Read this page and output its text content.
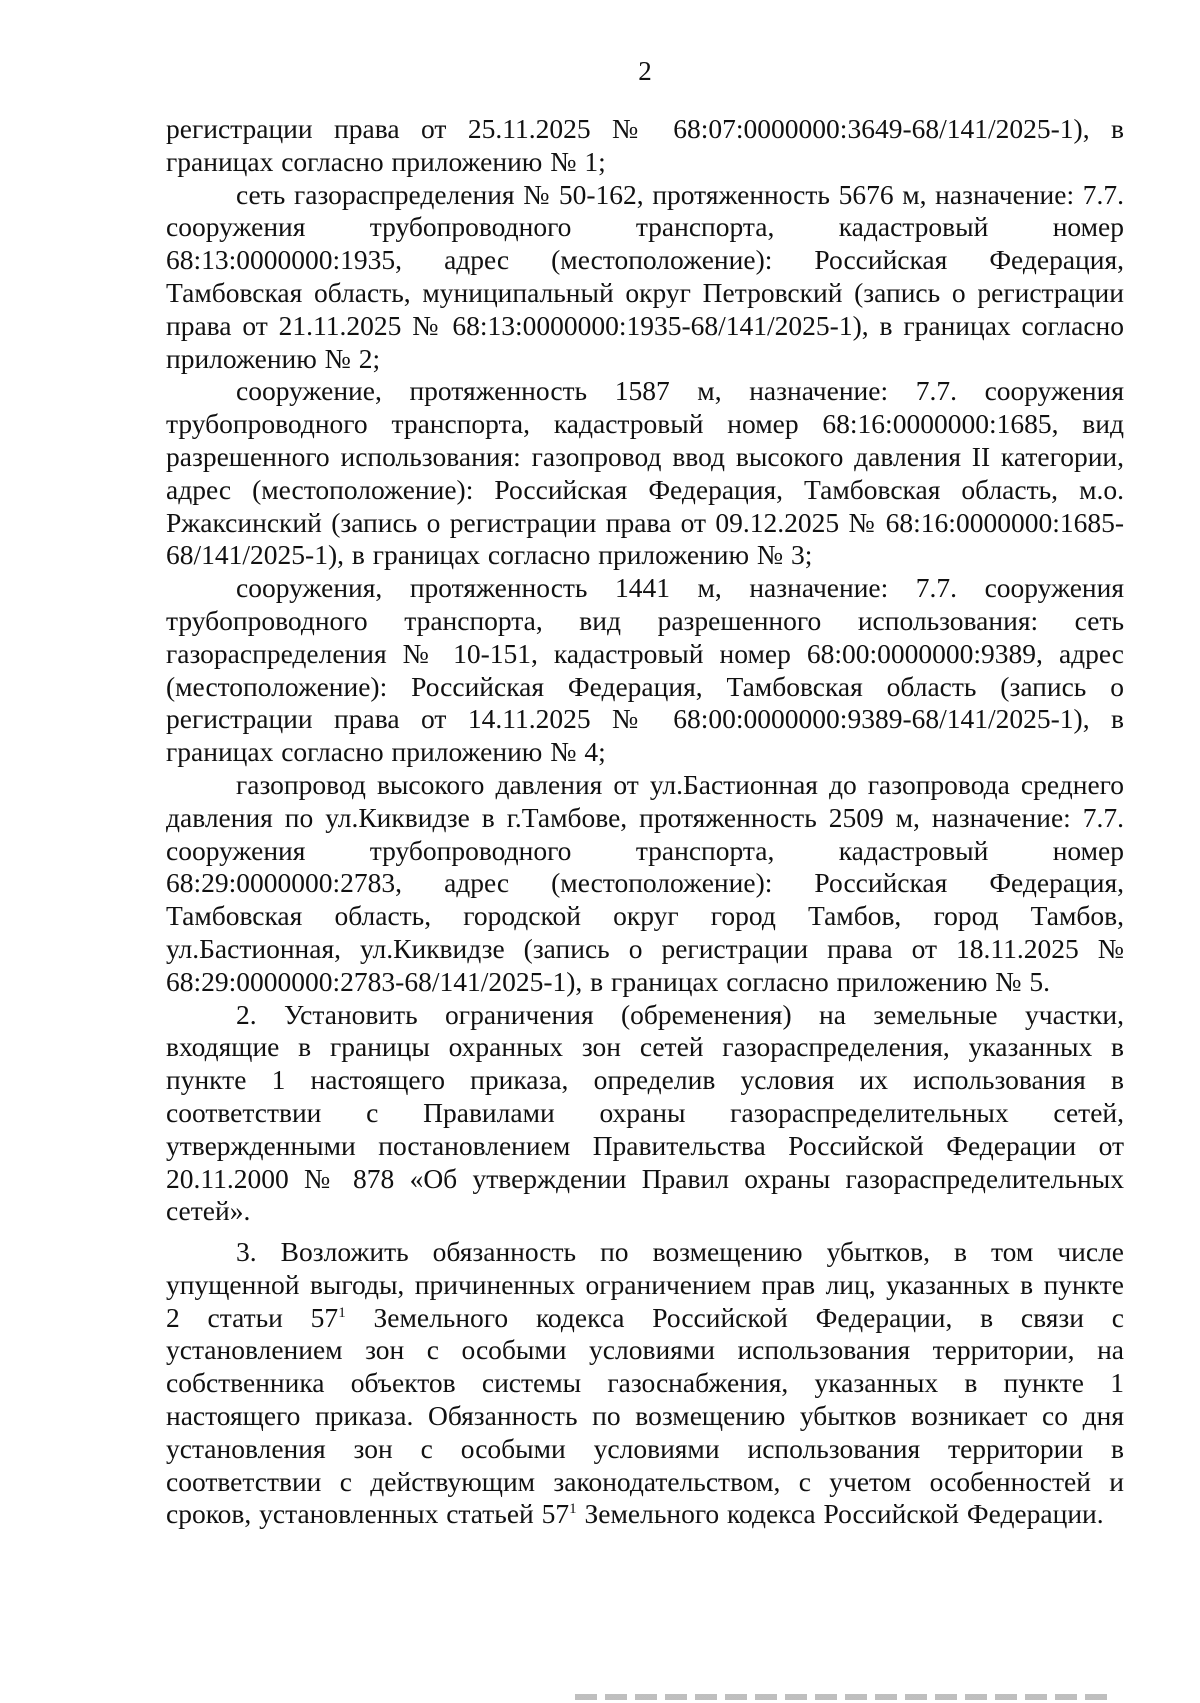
2

регистрации права от 25.11.2025 № 68:07:0000000:3649-68/141/2025-1), в границах согласно приложению № 1;

сеть газораспределения № 50-162, протяженность 5676 м, назначение: 7.7. сооружения трубопроводного транспорта, кадастровый номер 68:13:0000000:1935, адрес (местоположение): Российская Федерация, Тамбовская область, муниципальный округ Петровский (запись о регистрации права от 21.11.2025 № 68:13:0000000:1935-68/141/2025-1), в границах согласно приложению № 2;

сооружение, протяженность 1587 м, назначение: 7.7. сооружения трубопроводного транспорта, кадастровый номер 68:16:0000000:1685, вид разрешенного использования: газопровод ввод высокого давления II категории, адрес (местоположение): Российская Федерация, Тамбовская область, м.о. Ржаксинский (запись о регистрации права от 09.12.2025 № 68:16:0000000:1685-68/141/2025-1), в границах согласно приложению № 3;

сооружения, протяженность 1441 м, назначение: 7.7. сооружения трубопроводного транспорта, вид разрешенного использования: сеть газораспределения № 10-151, кадастровый номер 68:00:0000000:9389, адрес (местоположение): Российская Федерация, Тамбовская область (запись о регистрации права от 14.11.2025 № 68:00:0000000:9389-68/141/2025-1), в границах согласно приложению № 4;

газопровод высокого давления от ул.Бастионная до газопровода среднего давления по ул.Киквидзе в г.Тамбове, протяженность 2509 м, назначение: 7.7. сооружения трубопроводного транспорта, кадастровый номер 68:29:0000000:2783, адрес (местоположение): Российская Федерация, Тамбовская область, городской округ город Тамбов, город Тамбов, ул.Бастионная, ул.Киквидзе (запись о регистрации права от 18.11.2025 № 68:29:0000000:2783-68/141/2025-1), в границах согласно приложению № 5.

2. Установить ограничения (обременения) на земельные участки, входящие в границы охранных зон сетей газораспределения, указанных в пункте 1 настоящего приказа, определив условия их использования в соответствии с Правилами охраны газораспределительных сетей, утвержденными постановлением Правительства Российской Федерации от 20.11.2000 № 878 «Об утверждении Правил охраны газораспределительных сетей».

3. Возложить обязанность по возмещению убытков, в том числе упущенной выгоды, причиненных ограничением прав лиц, указанных в пункте 2 статьи $57^1$ Земельного кодекса Российской Федерации, в связи с установлением зон с особыми условиями использования территории, на собственника объектов системы газоснабжения, указанных в пункте 1 настоящего приказа. Обязанность по возмещению убытков возникает со дня установления зон с особыми условиями использования территории в соответствии с действующим законодательством, с учетом особенностей и сроков, установленных статьей $57^1$ Земельного кодекса Российской Федерации.
